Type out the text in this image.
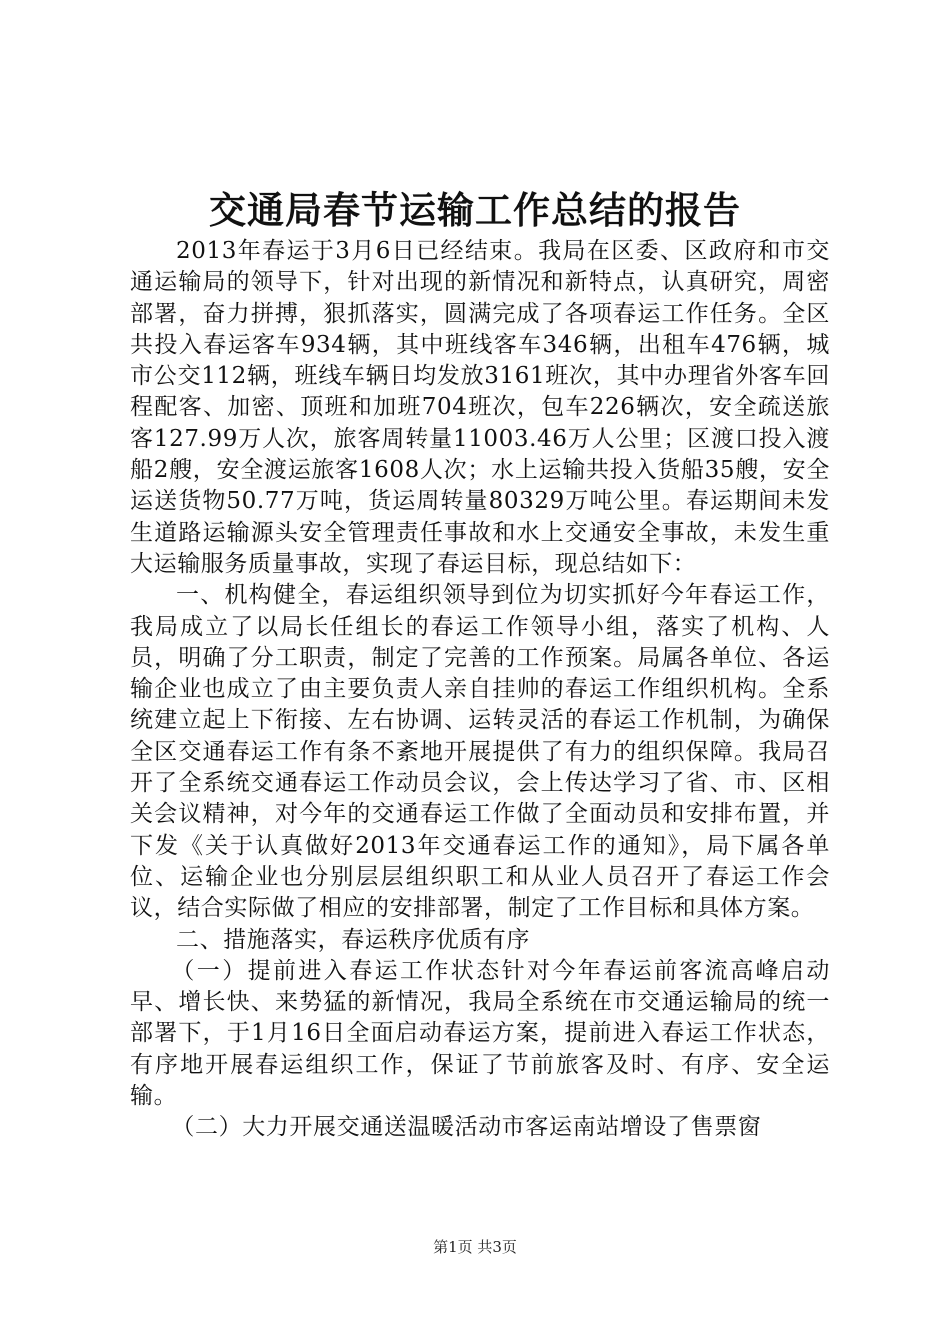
交通局春节运输工作总结的报告

2013年春运于3月6日已经结束。我局在区委、区政府和市交通运输局的领导下，针对出现的新情况和新特点，认真研究，周密部署，奋力拼搏，狠抓落实，圆满完成了各项春运工作任务。全区共投入春运客车934辆，其中班线客车346辆，出租车476辆，城市公交112辆，班线车辆日均发放3161班次，其中办理省外客车回程配客、加密、顶班和加班704班次，包车226辆次，安全疏送旅客127.99万人次，旅客周转量11003.46万人公里；区渡口投入渡船2艘，安全渡运旅客1608人次；水上运输共投入货船35艘，安全运送货物50.77万吨，货运周转量80329万吨公里。春运期间未发生道路运输源头安全管理责任事故和水上交通安全事故，未发生重大运输服务质量事故，实现了春运目标，现总结如下：

一、机构健全，春运组织领导到位为切实抓好今年春运工作，我局成立了以局长任组长的春运工作领导小组，落实了机构、人员，明确了分工职责，制定了完善的工作预案。局属各单位、各运输企业也成立了由主要负责人亲自挂帅的春运工作组织机构。全系统建立起上下衔接、左右协调、运转灵活的春运工作机制，为确保全区交通春运工作有条不紊地开展提供了有力的组织保障。我局召开了全系统交通春运工作动员会议，会上传达学习了省、市、区相关会议精神，对今年的交通春运工作做了全面动员和安排布置，并下发《关于认真做好2013年交通春运工作的通知》，局下属各单位、运输企业也分别层层组织职工和从业人员召开了春运工作会议，结合实际做了相应的安排部署，制定了工作目标和具体方案。

二、措施落实，春运秩序优质有序

（一）提前进入春运工作状态针对今年春运前客流高峰启动早、增长快、来势猛的新情况，我局全系统在市交通运输局的统一部署下，于1月16日全面启动春运方案，提前进入春运工作状态，有序地开展春运组织工作，保证了节前旅客及时、有序、安全运输。

（二）大力开展交通送温暖活动市客运南站增设了售票窗

第1页 共3页
